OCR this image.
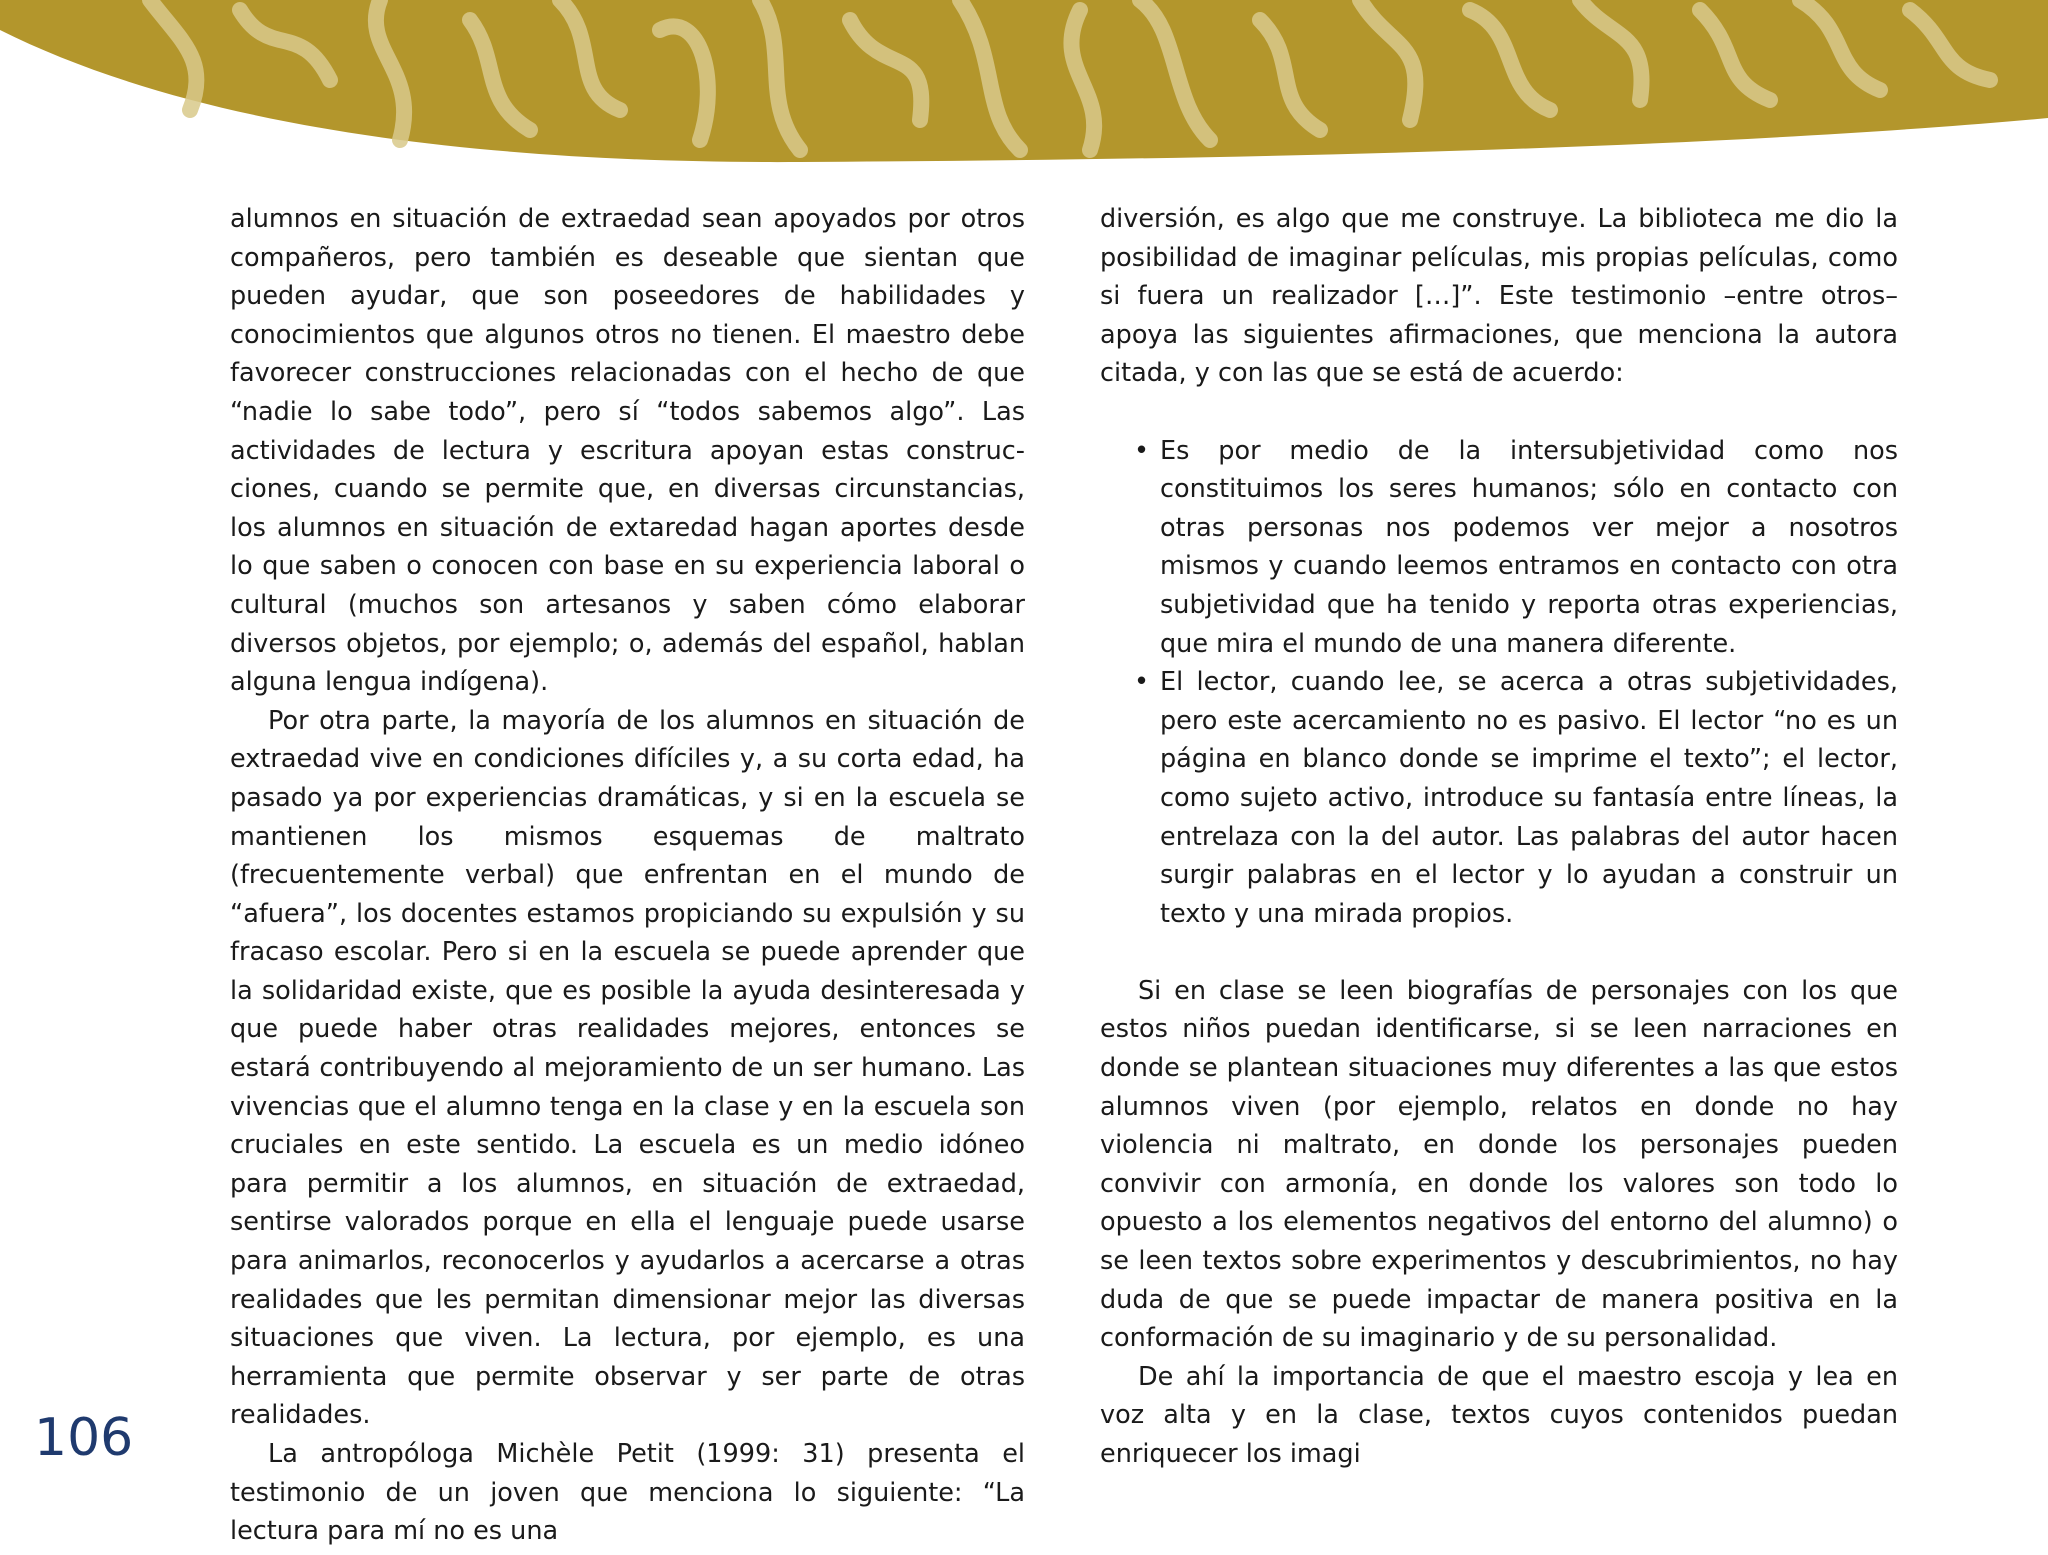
alumnos en situación de extraedad sean apoyados por otros compañeros, pero también es deseable que sientan que pueden ayudar, que son poseedores de habilidades y conocimientos que algunos otros no tienen. El maestro debe favorecer construcciones relacionadas con el hecho de que “nadie lo sabe todo”, pero sí “todos sabemos algo”. Las actividades de lectura y escritura apoyan estas construcciones, cuando se permite que, en diversas circunstancias, los alumnos en situación de extaredad hagan aportes desde lo que saben o conocen con base en su experiencia laboral o cultural (muchos son artesanos y saben cómo elaborar diversos objetos, por ejemplo; o, además del español, hablan alguna lengua indígena).

Por otra parte, la mayoría de los alumnos en situación de extraedad vive en condiciones difíciles y, a su corta edad, ha pasado ya por experiencias dramáticas, y si en la escuela se mantienen los mismos esquemas de maltrato (frecuentemente verbal) que enfrentan en el mundo de “afuera”, los docentes estamos propiciando su expulsión y su fracaso escolar. Pero si en la escuela se puede aprender que la solidaridad existe, que es posible la ayuda desinteresada y que puede haber otras realidades mejores, entonces se estará contribuyendo al mejoramiento de un ser humano. Las vivencias que el alumno tenga en la clase y en la escuela son cruciales en este sentido. La escuela es un medio idóneo para permitir a los alumnos, en situación de extraedad, sentirse valorados porque en ella el lenguaje puede usarse para animarlos, reconocerlos y ayudarlos a acercarse a otras realidades que les permitan dimensionar mejor las diversas situaciones que viven. La lectura, por ejemplo, es una herramienta que permite observar y ser parte de otras realidades.

La antropóloga Michèle Petit (1999: 31) presenta el testimonio de un joven que menciona lo siguiente: “La lectura para mí no es una

diversión, es algo que me construye. La biblioteca me dio la posibilidad de imaginar películas, mis propias películas, como si fuera un realizador […]”. Este testimonio –entre otros– apoya las siguientes afirmaciones, que menciona la autora citada, y con las que se está de acuerdo:

• Es por medio de la intersubjetividad como nos constituimos los seres humanos; sólo en contacto con otras personas nos podemos ver mejor a nosotros mismos y cuando leemos entramos en contacto con otra subjetividad que ha tenido y reporta otras experiencias, que mira el mundo de una manera diferente.
• El lector, cuando lee, se acerca a otras subjetividades, pero este acercamiento no es pasivo. El lector “no es un página en blanco donde se imprime el texto”; el lector, como sujeto activo, introduce su fantasía entre líneas, la entrelaza con la del autor. Las palabras del autor hacen surgir palabras en el lector y lo ayudan a construir un texto y una mirada propios.

Si en clase se leen biografías de personajes con los que estos niños puedan identificarse, si se leen narraciones en donde se plantean situaciones muy diferentes a las que estos alumnos viven (por ejemplo, relatos en donde no hay violencia ni maltrato, en donde los personajes pueden convivir con armonía, en donde los valores son todo lo opuesto a los elementos negativos del entorno del alumno) o se leen textos sobre experimentos y descubrimientos, no hay duda de que se puede impactar de manera positiva en la conformación de su imaginario y de su personalidad.

De ahí la importancia de que el maestro escoja y lea en voz alta y en la clase, textos cuyos contenidos puedan enriquecer los imagi

106
